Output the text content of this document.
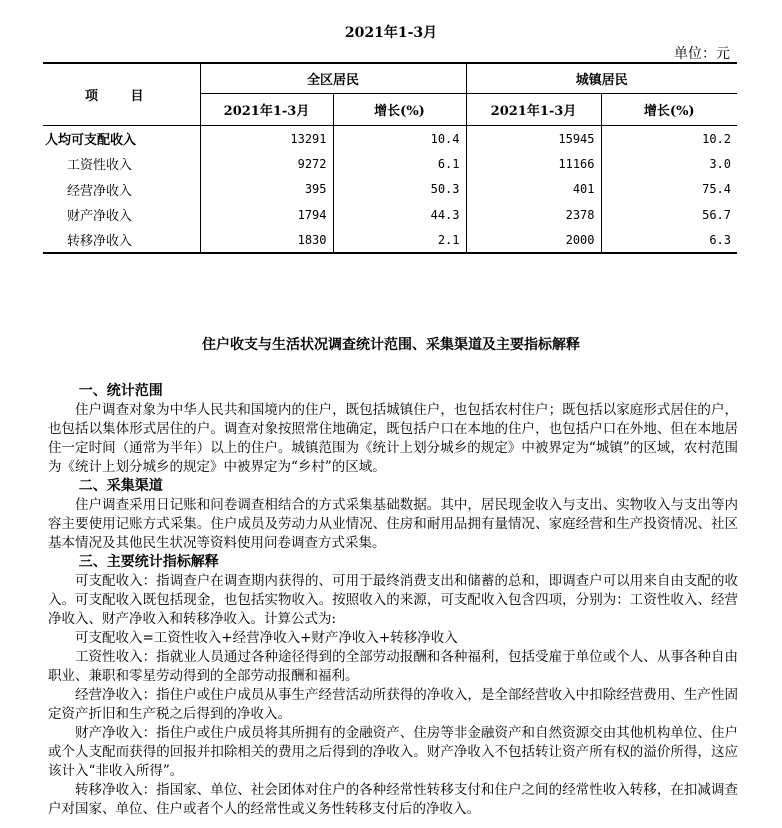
2021年1-3月
单位：元
项 目	全区居民		城镇居民	
	2021年1-3月	增长(%)	2021年1-3月	增长(%)
人均可支配收入	13291	10.4	15945	10.2
工资性收入	9272	6.1	11166	3.0
经营净收入	395	50.3	401	75.4
财产净收入	1794	44.3	2378	56.7
转移净收入	1830	2.1	2000	6.3
住户收支与生活状况调查统计范围、采集渠道及主要指标解释
一、统计范围

住户调查对象为中华人民共和国境内的住户，既包括城镇住户，也包括农村住户；既包括以家庭形式居住的户，也包括以集体形式居住的户。调查对象按照常住地确定，既包括户口在本地的住户，也包括户口在外地、但在本地居住一定时间（通常为半年）以上的住户。城镇范围为《统计上划分城乡的规定》中被界定为“城镇”的区域，农村范围为《统计上划分城乡的规定》中被界定为“乡村”的区域。

二、采集渠道

住户调查采用日记账和问卷调查相结合的方式采集基础数据。其中，居民现金收入与支出、实物收入与支出等内容主要使用记账方式采集。住户成员及劳动力从业情况、住房和耐用品拥有量情况、家庭经营和生产投资情况、社区基本情况及其他民生状况等资料使用问卷调查方式采集。

三、主要统计指标解释

可支配收入：指调查户在调查期内获得的、可用于最终消费支出和储蓄的总和，即调查户可以用来自由支配的收入。可支配收入既包括现金，也包括实物收入。按照收入的来源，可支配收入包含四项，分别为：工资性收入、经营净收入、财产净收入和转移净收入。计算公式为:

可支配收入=工资性收入+经营净收入+财产净收入+转移净收入

工资性收入：指就业人员通过各种途径得到的全部劳动报酬和各种福利，包括受雇于单位或个人、从事各种自由职业、兼职和零星劳动得到的全部劳动报酬和福利。

经营净收入：指住户或住户成员从事生产经营活动所获得的净收入，是全部经营收入中扣除经营费用、生产性固定资产折旧和生产税之后得到的净收入。

财产净收入：指住户或住户成员将其所拥有的金融资产、住房等非金融资产和自然资源交由其他机构单位、住户或个人支配而获得的回报并扣除相关的费用之后得到的净收入。财产净收入不包括转让资产所有权的溢价所得，这应该计入“非收入所得”。

转移净收入：指国家、单位、社会团体对住户的各种经常性转移支付和住户之间的经常性收入转移，在扣减调查户对国家、单位、住户或者个人的经常性或义务性转移支付后的净收入。
